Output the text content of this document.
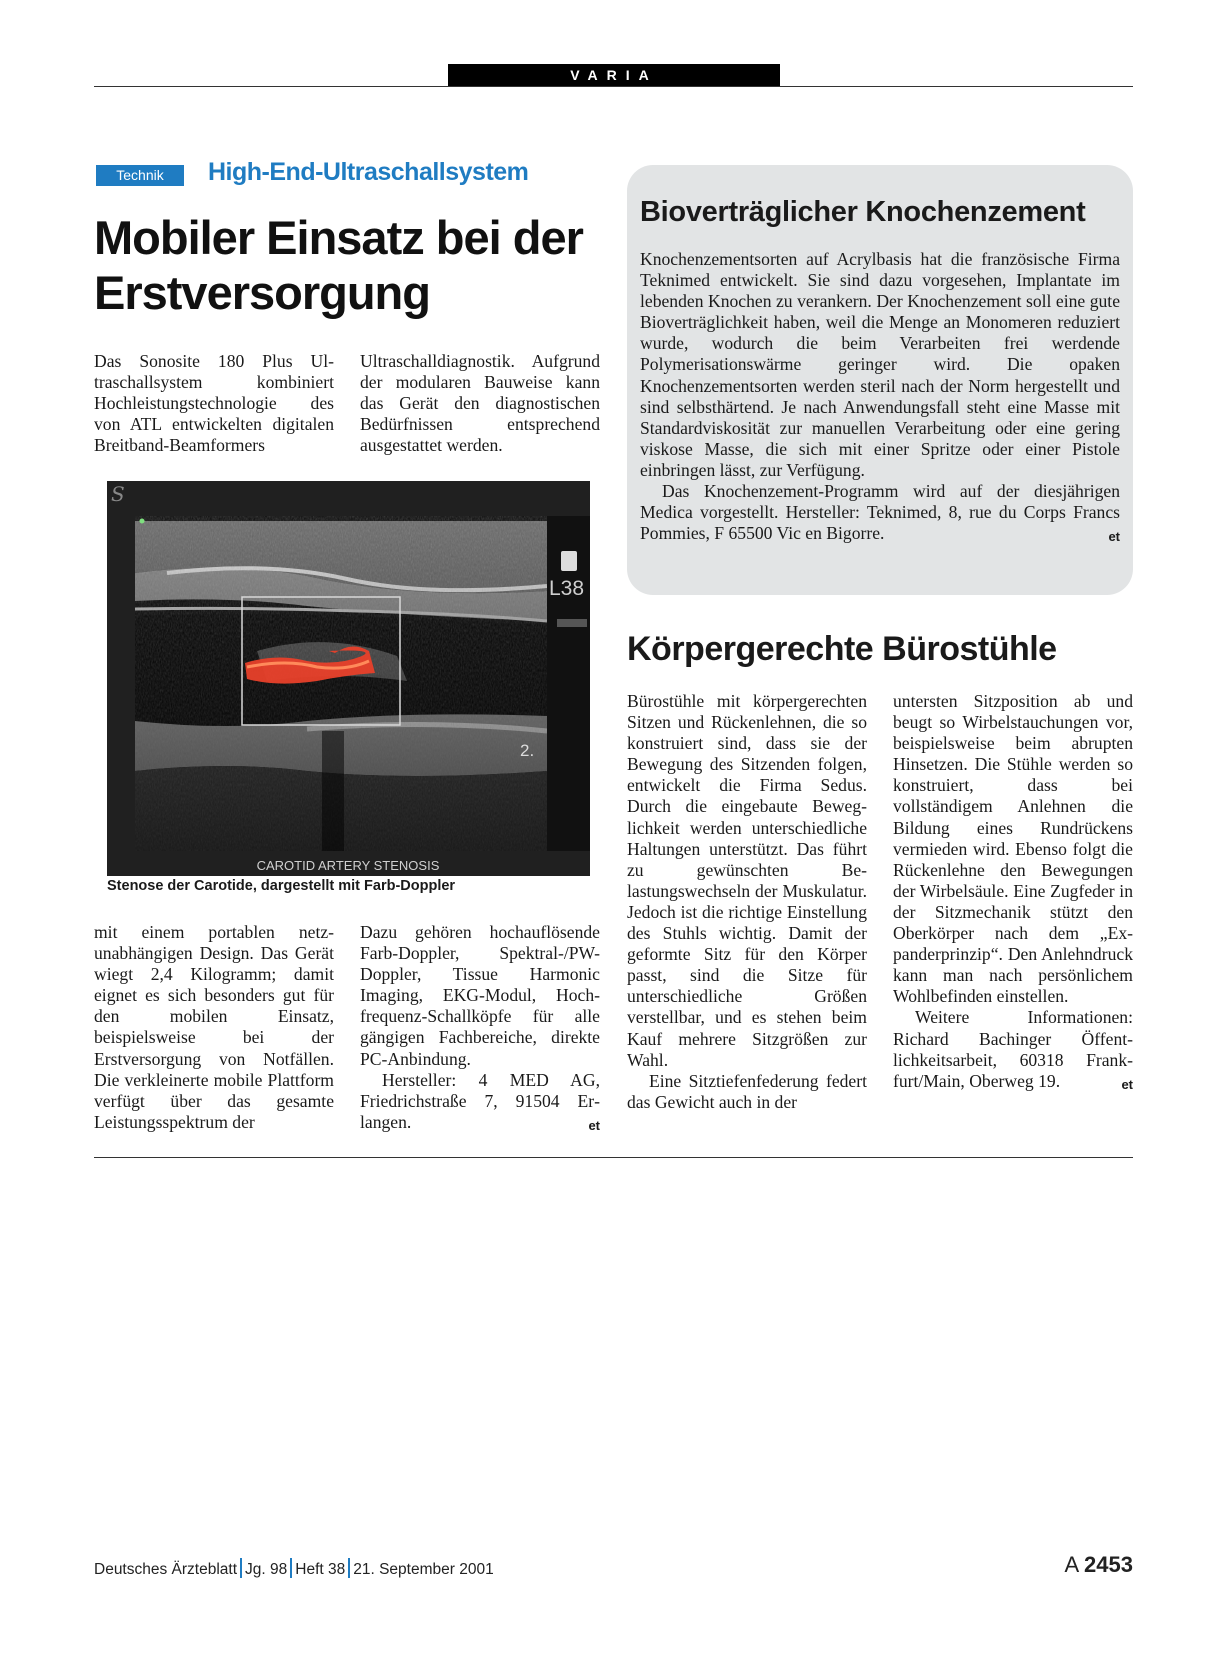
VARIA
Technik	High-End-Ultraschallsystem
Mobiler Einsatz bei der Erstversorgung

Das Sonosite 180 Plus Ultraschallsystem kombiniert Hochleistungstechnologie des von ATL entwickelten digitalen Breitband-Beamformers

Ultraschalldiagnostik. Aufgrund der modularen Bauweise kann das Gerät den diagnostischen Bedürfnissen entsprechend ausgestattet werden.

L38
2.
S
CAROTID ARTERY STENOSIS
Stenose der Carotide, dargestellt mit Farb-Doppler

mit einem portablen netzunabhängigen Design. Das Gerät wiegt 2,4 Kilogramm; damit eignet es sich besonders gut für den mobilen Einsatz, beispielsweise bei der Erstversorgung von Notfällen. Die verkleinerte mobile Plattform verfügt über das gesamte Leistungsspektrum der

Dazu gehören hochauflösende Farb-Doppler, Spektral-/PW-Doppler, Tissue Harmonic Imaging, EKG-Modul, Hochfrequenz-Schallköpfe für alle gängigen Fachbereiche, direkte PC-Anbindung.

Hersteller: 4 MED AG, Friedrichstraße 7, 91504 Erlangen.	et

Bioverträglicher Knochenzement

Knochenzementsorten auf Acrylbasis hat die französische Firma Teknimed entwickelt. Sie sind dazu vorgesehen, Implantate im lebenden Knochen zu verankern. Der Knochenzement soll eine gute Bioverträglichkeit haben, weil die Menge an Monomeren reduziert wurde, wodurch die beim Verarbeiten frei werdende Polymerisationswärme geringer wird. Die opaken Knochenzementsorten werden steril nach der Norm hergestellt und sind selbsthärtend. Je nach Anwendungsfall steht eine Masse mit Standardviskosität zur manuellen Verarbeitung oder eine gering viskose Masse, die sich mit einer Spritze oder einer Pistole einbringen lässt, zur Verfügung.

Das Knochenzement-Programm wird auf der diesjährigen Medica vorgestellt. Hersteller: Teknimed, 8, rue du Corps Francs Pommies, F 65500 Vic en Bigorre.	et

Körpergerechte Bürostühle

Bürostühle mit körpergerechten Sitzen und Rückenlehnen, die so konstruiert sind, dass sie der Bewegung des Sitzenden folgen, entwickelt die Firma Sedus. Durch die eingebaute Beweglichkeit werden unterschiedliche Haltungen unterstützt. Das führt zu gewünschten Belastungswechseln der Muskulatur. Jedoch ist die richtige Einstellung des Stuhls wichtig. Damit der geformte Sitz für den Körper passt, sind die Sitze für unterschiedliche Größen verstellbar, und es stehen beim Kauf mehrere Sitzgrößen zur Wahl.

Eine Sitztiefenfederung federt das Gewicht auch in der

untersten Sitzposition ab und beugt so Wirbelstauchungen vor, beispielsweise beim abrupten Hinsetzen. Die Stühle werden so konstruiert, dass bei vollständigem Anlehnen die Bildung eines Rundrückens vermieden wird. Ebenso folgt die Rückenlehne den Bewegungen der Wirbelsäule. Eine Zugfeder in der Sitzmechanik stützt den Oberkörper nach dem „Expanderprinzip“. Den Anlehndruck kann man nach persönlichem Wohlbefinden einstellen.

Weitere Informationen: Richard Bachinger Öffentlichkeitsarbeit, 60318 Frankfurt/Main, Oberweg 19.	et

Deutsches Ärzteblatt Jg. 98 Heft 38 21. September 2001	A 2453
